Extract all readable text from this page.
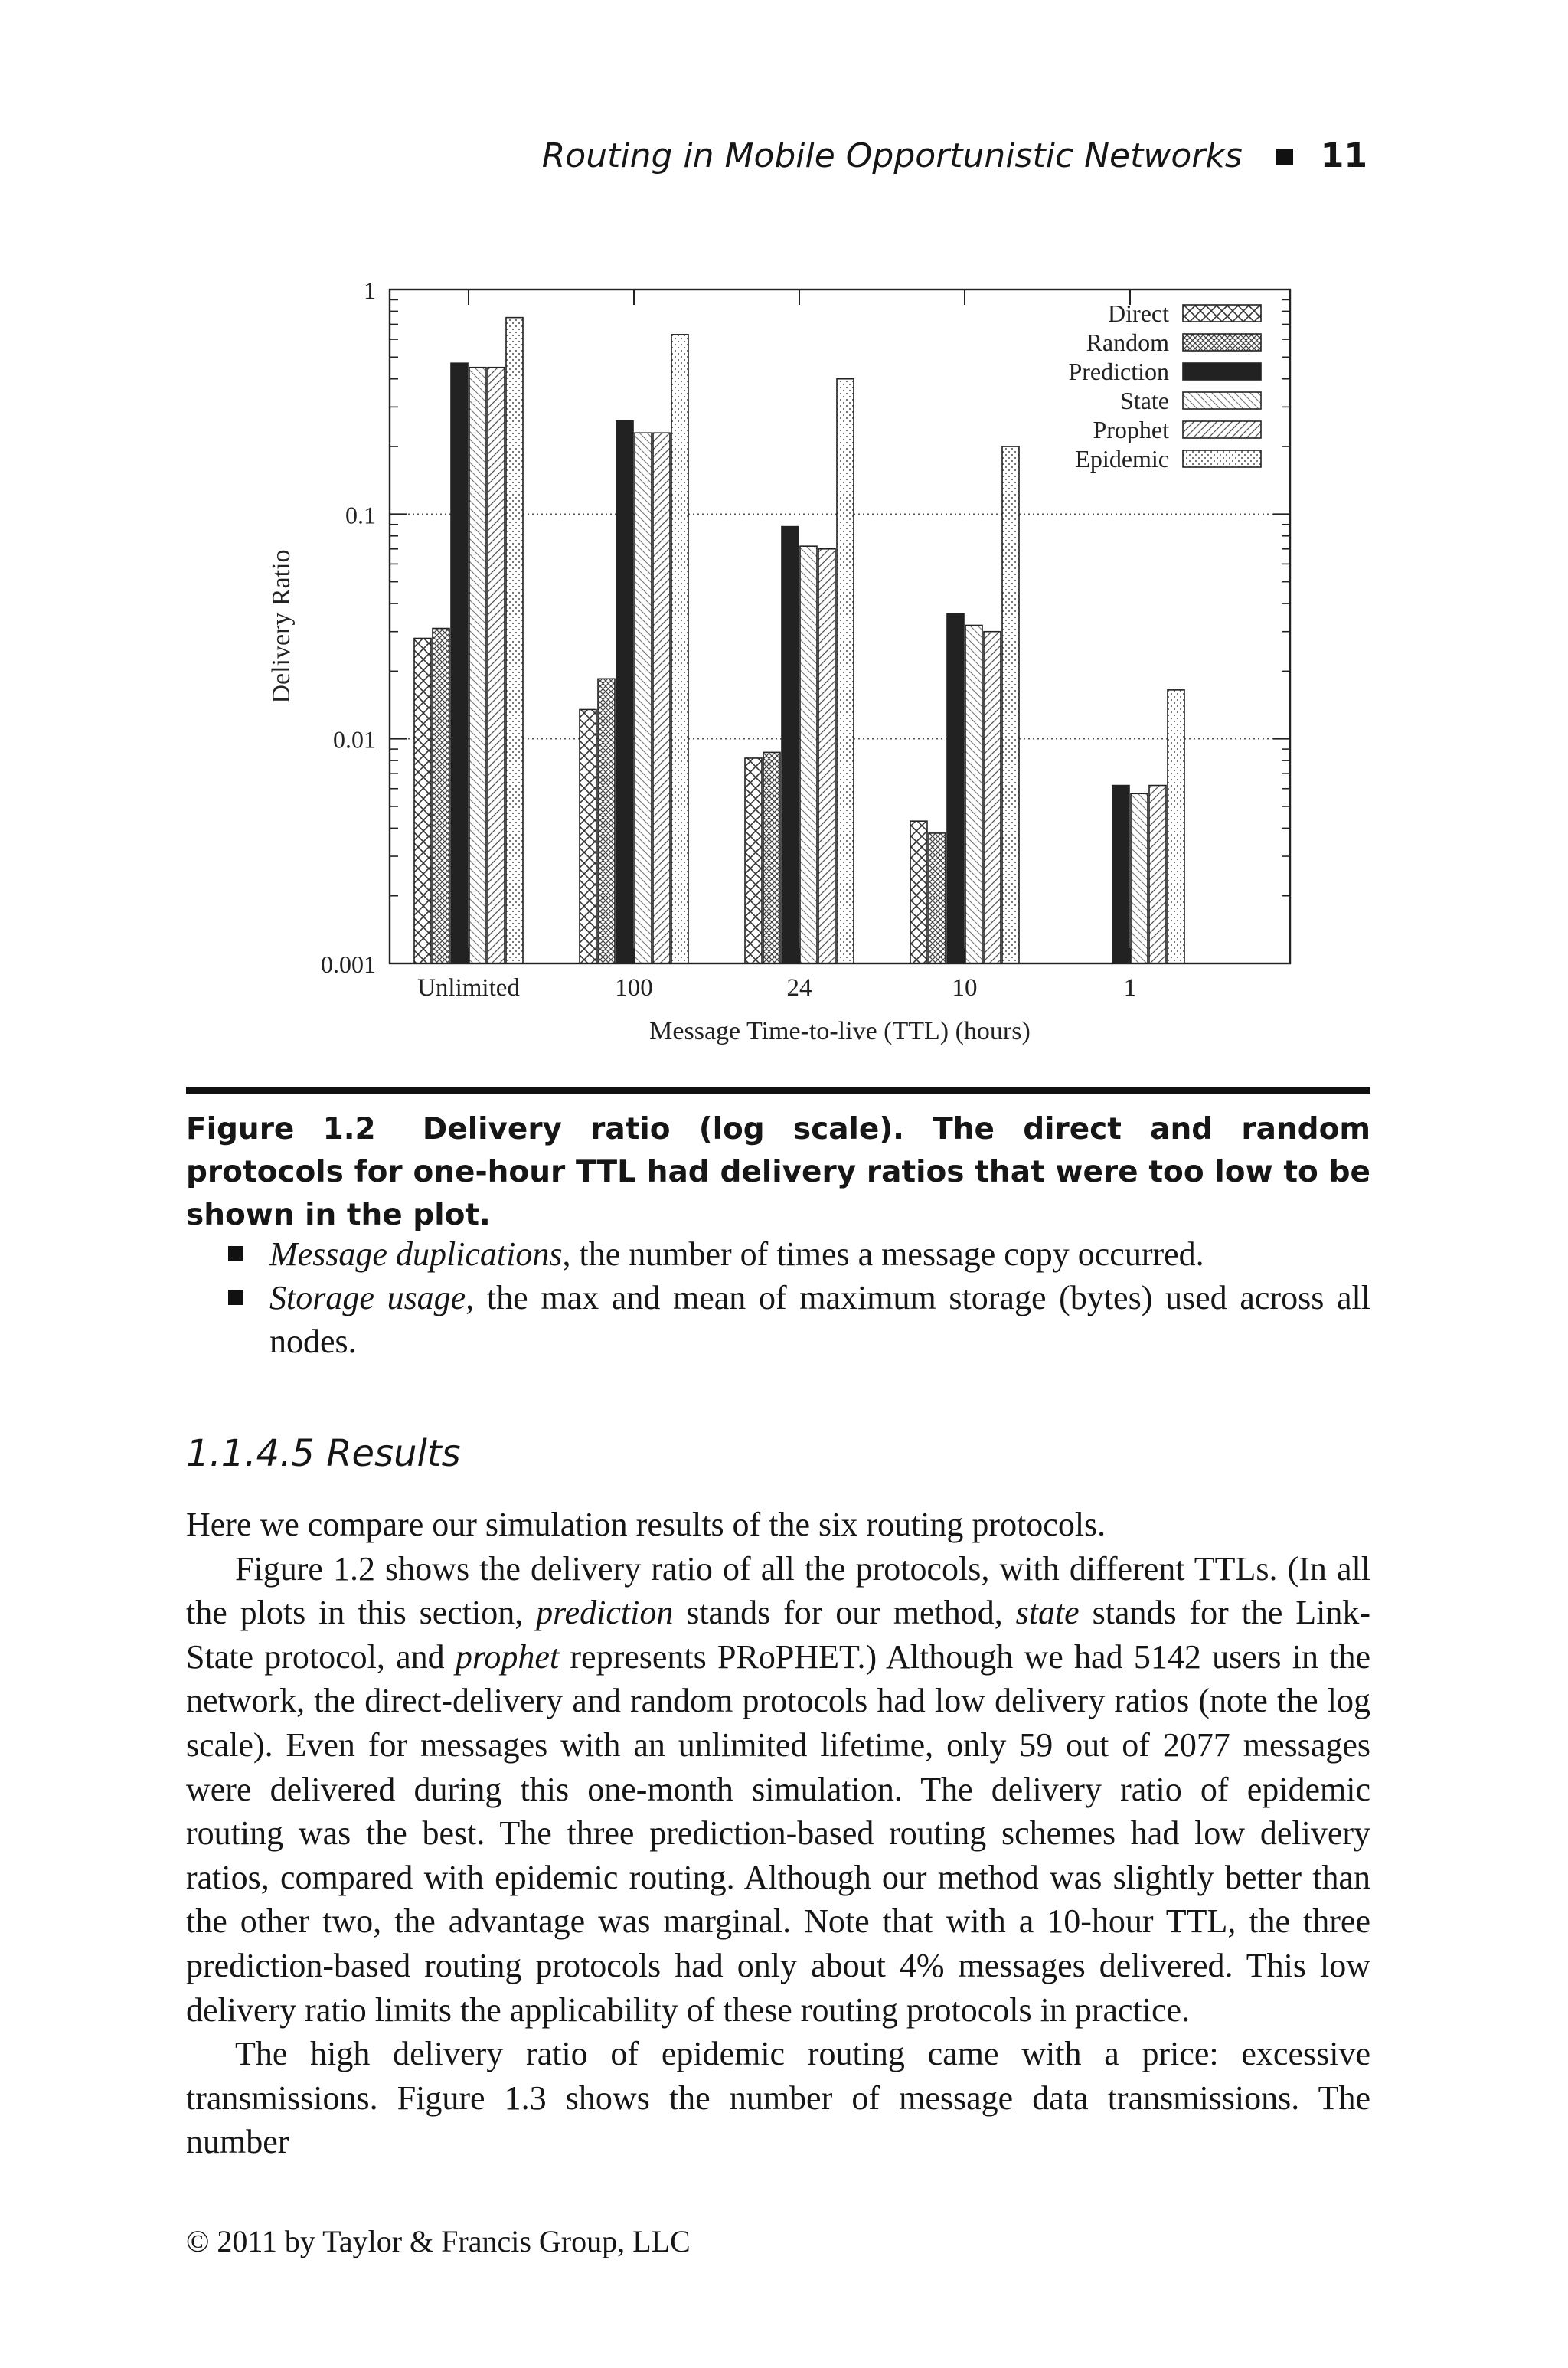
Routing in Mobile Opportunistic Networks 11
0.001
0.01
0.1
1
Unlimited	100	24	10	1
Direct
Random
Prediction
State
Prophet
Epidemic
Delivery Ratio
Message Time-to-live (TTL) (hours)
Figure 1.2 Delivery ratio (log scale). The direct and random protocols for one-hour TTL had delivery ratios that were too low to be shown in the plot.
Message duplications, the number of times a message copy occurred.
Storage usage, the max and mean of maximum storage (bytes) used across all nodes.
1.1.4.5 Results

Here we compare our simulation results of the six routing protocols.

Figure 1.2 shows the delivery ratio of all the protocols, with different TTLs. (In all the plots in this section, prediction stands for our method, state stands for the Link-State protocol, and prophet represents PRoPHET.) Although we had 5142 users in the network, the direct-delivery and random protocols had low delivery ratios (note the log scale). Even for messages with an unlimited lifetime, only 59 out of 2077 messages were delivered during this one-month simulation. The delivery ratio of epidemic routing was the best. The three prediction-based routing schemes had low delivery ratios, compared with epidemic routing. Although our method was slightly better than the other two, the advantage was marginal. Note that with a 10-hour TTL, the three prediction-based routing protocols had only about 4% messages delivered. This low delivery ratio limits the applicability of these routing protocols in practice.

The high delivery ratio of epidemic routing came with a price: excessive transmissions. Figure 1.3 shows the number of message data transmissions. The number

© 2011 by Taylor & Francis Group, LLC
